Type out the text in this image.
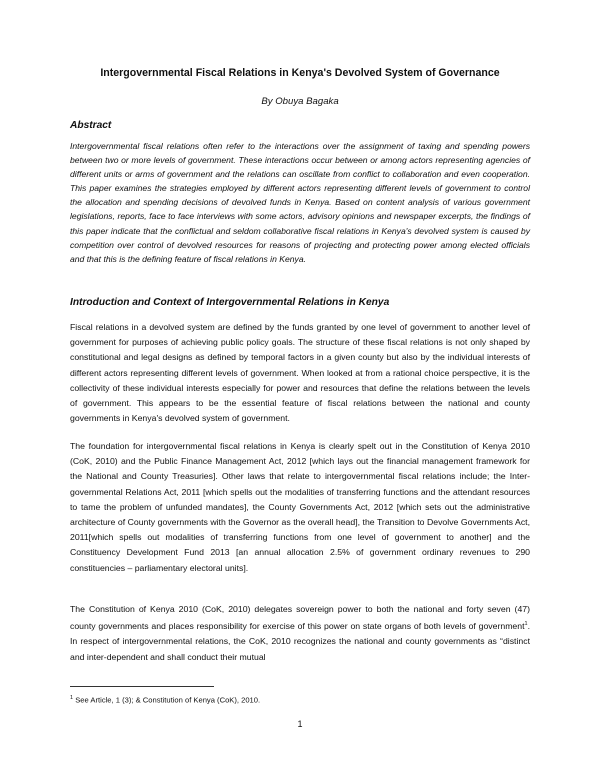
Intergovernmental Fiscal Relations in Kenya's Devolved System of Governance
By Obuya Bagaka
Abstract

Intergovernmental fiscal relations often refer to the interactions over the assignment of taxing and spending powers between two or more levels of government. These interactions occur between or among actors representing agencies of different units or arms of government and the relations can oscillate from conflict to collaboration and even cooperation. This paper examines the strategies employed by different actors representing different levels of government to control the allocation and spending decisions of devolved funds in Kenya. Based on content analysis of various government legislations, reports, face to face interviews with some actors, advisory opinions and newspaper excerpts, the findings of this paper indicate that the conflictual and seldom collaborative fiscal relations in Kenya's devolved system is caused by competition over control of devolved resources for reasons of projecting and protecting power among elected officials and that this is the defining feature of fiscal relations in Kenya.

Introduction and Context of Intergovernmental Relations in Kenya

Fiscal relations in a devolved system are defined by the funds granted by one level of government to another level of government for purposes of achieving public policy goals. The structure of these fiscal relations is not only shaped by constitutional and legal designs as defined by temporal factors in a given county but also by the individual interests of different actors representing different levels of government. When looked at from a rational choice perspective, it is the collectivity of these individual interests especially for power and resources that define the relations between the levels of government. This appears to be the essential feature of fiscal relations between the national and county governments in Kenya's devolved system of government.

The foundation for intergovernmental fiscal relations in Kenya is clearly spelt out in the Constitution of Kenya 2010 (CoK, 2010) and the Public Finance Management Act, 2012 [which lays out the financial management framework for the National and County Treasuries]. Other laws that relate to intergovernmental fiscal relations include; the Inter-governmental Relations Act, 2011 [which spells out the modalities of transferring functions and the attendant resources to tame the problem of unfunded mandates], the County Governments Act, 2012 [which sets out the administrative architecture of County governments with the Governor as the overall head], the Transition to Devolve Governments Act, 2011[which spells out modalities of transferring functions from one level of government to another] and the Constituency Development Fund 2013 [an annual allocation 2.5% of government ordinary revenues to 290 constituencies – parliamentary electoral units].

The Constitution of Kenya 2010 (CoK, 2010) delegates sovereign power to both the national and forty seven (47) county governments and places responsibility for exercise of this power on state organs of both levels of government$^1$. In respect of intergovernmental relations, the CoK, 2010 recognizes the national and county governments as “distinct and inter-dependent and shall conduct their mutual

$^1$ See Article, 1 (3); & Constitution of Kenya (CoK), 2010.
1
